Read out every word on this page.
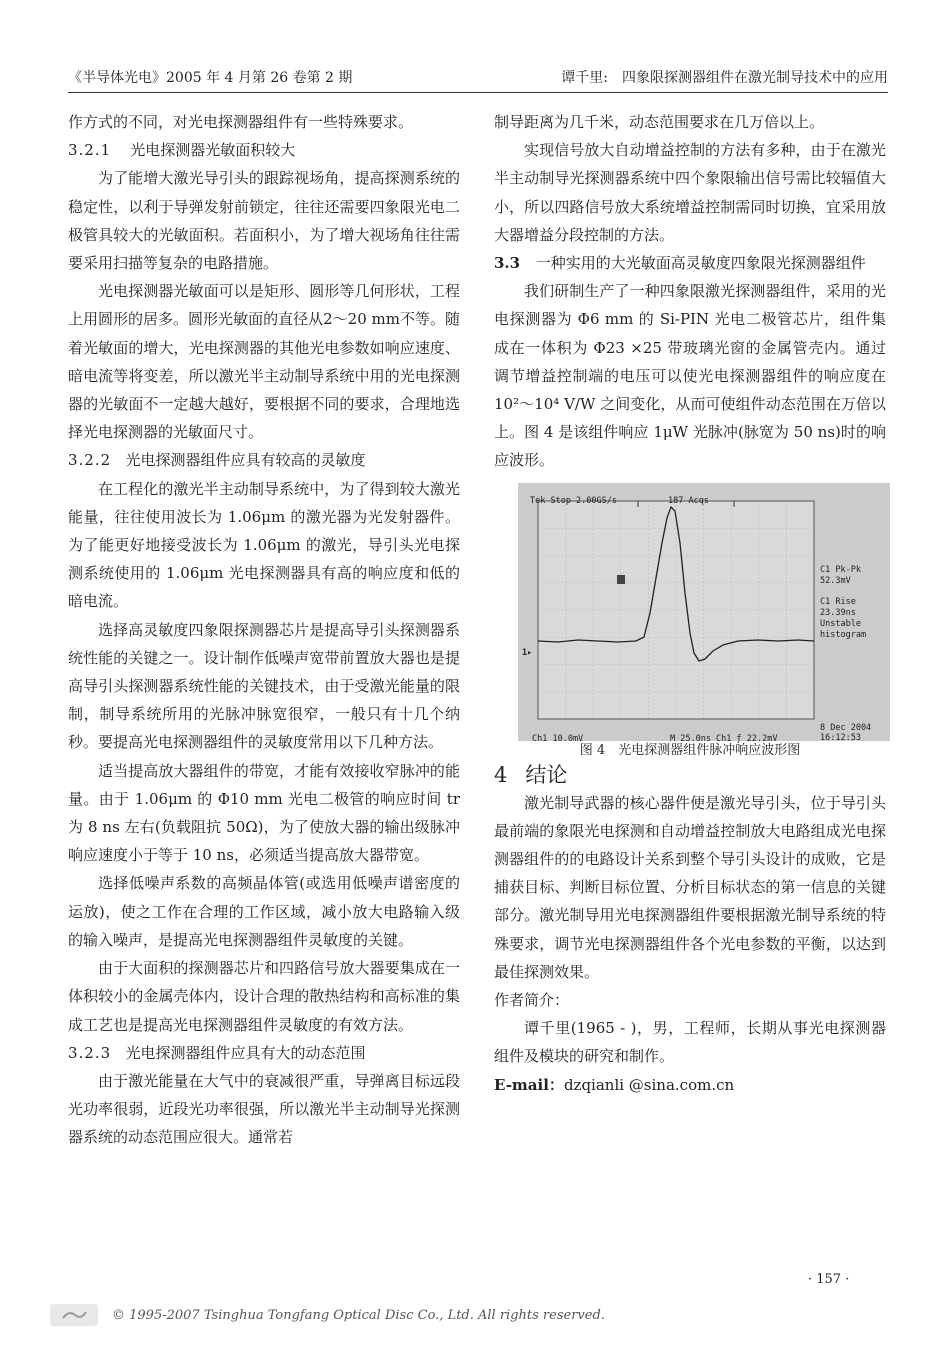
《半导体光电》2005 年 4 月第 26 卷第 2 期	谭千里:　四象限探测器组件在激光制导技术中的应用

作方式的不同，对光电探测器组件有一些特殊要求。

3.2.1 光电探测器光敏面积较大

为了能增大激光导引头的跟踪视场角，提高探测系统的稳定性，以利于导弹发射前锁定，往往还需要四象限光电二极管具较大的光敏面积。若面积小，为了增大视场角往往需要采用扫描等复杂的电路措施。

光电探测器光敏面可以是矩形、圆形等几何形状，工程上用圆形的居多。圆形光敏面的直径从2～20 mm不等。随着光敏面的增大，光电探测器的其他光电参数如响应速度、暗电流等将变差，所以激光半主动制导系统中用的光电探测器的光敏面不一定越大越好，要根据不同的要求，合理地选择光电探测器的光敏面尺寸。

3.2.2 光电探测器组件应具有较高的灵敏度

在工程化的激光半主动制导系统中，为了得到较大激光能量，往往使用波长为 1.06μm 的激光器为光发射器件。为了能更好地接受波长为 1.06μm 的激光，导引头光电探测系统使用的 1.06μm 光电探测器具有高的响应度和低的暗电流。

选择高灵敏度四象限探测器芯片是提高导引头探测器系统性能的关键之一。设计制作低噪声宽带前置放大器也是提高导引头探测器系统性能的关键技术，由于受激光能量的限制，制导系统所用的光脉冲脉宽很窄，一般只有十几个纳秒。要提高光电探测器组件的灵敏度常用以下几种方法。

适当提高放大器组件的带宽，才能有效接收窄脉冲的能量。由于 1.06μm 的 Φ10 mm 光电二极管的响应时间 tr 为 8 ns 左右(负载阻抗 50Ω)，为了使放大器的输出级脉冲响应速度小于等于 10 ns，必须适当提高放大器带宽。

选择低噪声系数的高频晶体管(或选用低噪声谱密度的运放)，使之工作在合理的工作区域，减小放大电路输入级的输入噪声，是提高光电探测器组件灵敏度的关键。

由于大面积的探测器芯片和四路信号放大器要集成在一体积较小的金属壳体内，设计合理的散热结构和高标准的集成工艺也是提高光电探测器组件灵敏度的有效方法。

3.2.3 光电探测器组件应具有大的动态范围

由于激光能量在大气中的衰减很严重，导弹离目标远段光功率很弱，近段光功率很强，所以激光半主动制导光探测器系统的动态范围应很大。通常若

制导距离为几千米，动态范围要求在几万倍以上。

实现信号放大自动增益控制的方法有多种，由于在激光半主动制导光探测器系统中四个象限输出信号需比较辐值大小，所以四路信号放大系统增益控制需同时切换，宜采用放大器增益分段控制的方法。

3.3 一种实用的大光敏面高灵敏度四象限光探测器组件

我们研制生产了一种四象限激光探测器组件，采用的光电探测器为 Φ6 mm 的 Si-PIN 光电二极管芯片，组件集成在一体积为 Φ23 ×25 带玻璃光窗的金属管壳内。通过调节增益控制端的电压可以使光电探测器组件的响应度在 10²～10⁴ V/W 之间变化，从而可使组件动态范围在万倍以上。图 4 是该组件响应 1μW 光脉冲(脉宽为 50 ns)时的响应波形。

Tek Stop 2.00GS/s	187 Acqs
C1 Pk-Pk
52.3mV
C1 Rise
23.39ns
Unstable
histogram
1▸
Ch1 10.0mV	M 25.0ns Ch1 ƒ 22.2mV
8 Dec 2004
16:12:53

图 4　光电探测器组件脉冲响应波形图

4 结论

激光制导武器的核心器件便是激光导引头，位于导引头最前端的象限光电探测和自动增益控制放大电路组成光电探测器组件的的电路设计关系到整个导引头设计的成败，它是捕获目标、判断目标位置、分析目标状态的第一信息的关键部分。激光制导用光电探测器组件要根据激光制导系统的特殊要求，调节光电探测器组件各个光电参数的平衡，以达到最佳探测效果。

作者简介：

谭千里(1965 - )，男，工程师，长期从事光电探测器组件及模块的研究和制作。

E-mail：dzqianli @sina.com.cn

· 157 ·
© 1995-2007 Tsinghua Tongfang Optical Disc Co., Ltd. All rights reserved.
